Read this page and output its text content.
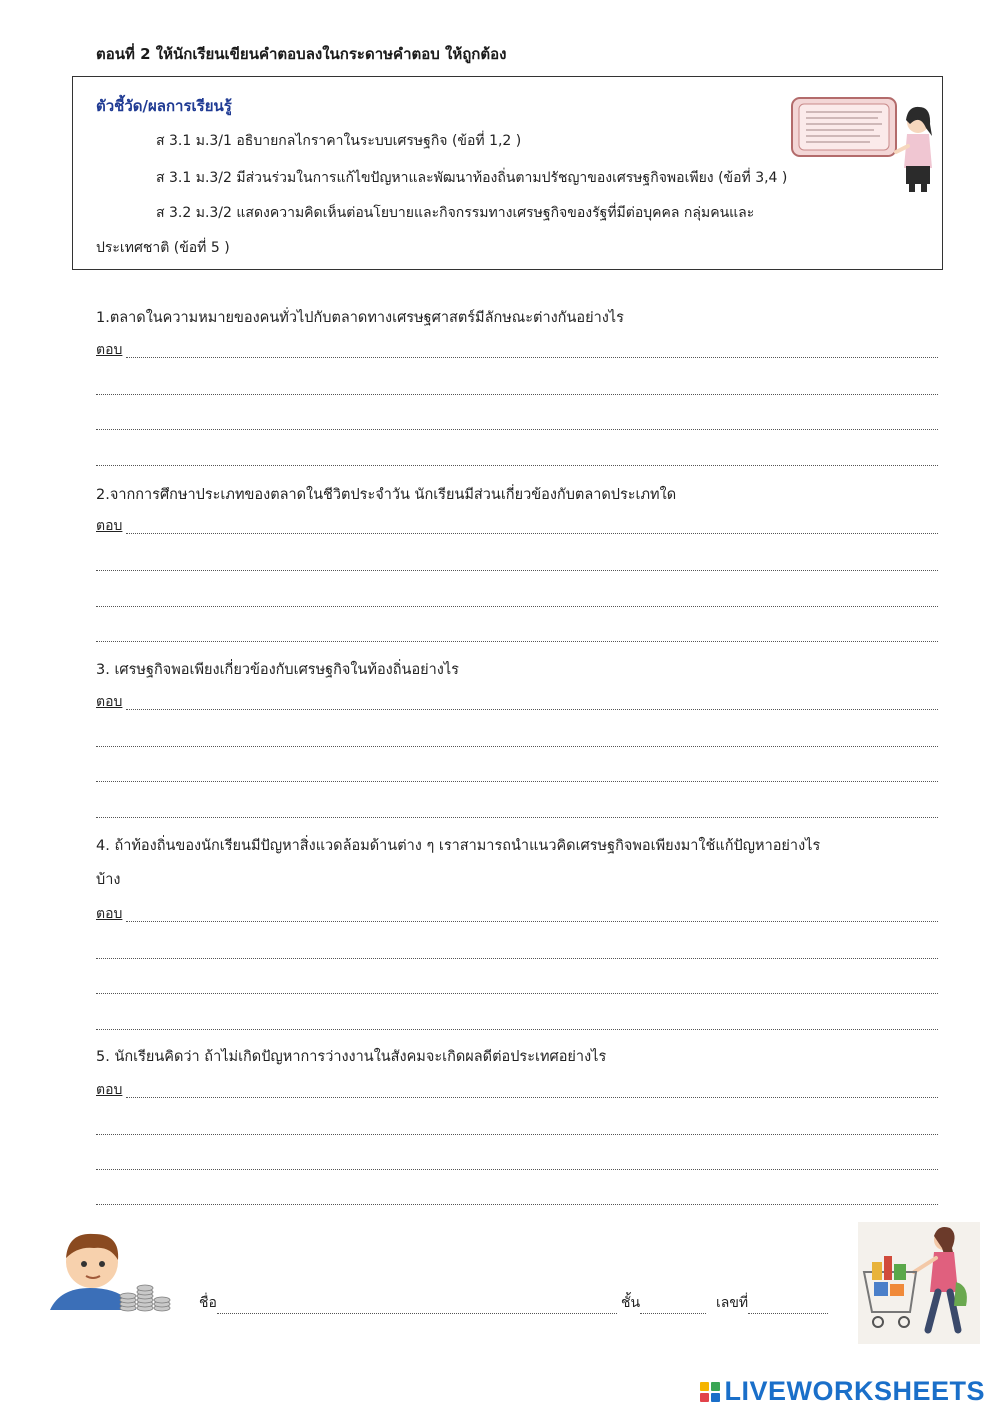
ตอนที่ 2 ให้นักเรียนเขียนคำตอบลงในกระดาษคำตอบ ให้ถูกต้อง
ตัวชี้วัด/ผลการเรียนรู้
ส 3.1 ม.3/1 อธิบายกลไกราคาในระบบเศรษฐกิจ (ข้อที่ 1,2 )
ส 3.1 ม.3/2 มีส่วนร่วมในการแก้ไขปัญหาและพัฒนาท้องถิ่นตามปรัชญาของเศรษฐกิจพอเพียง (ข้อที่ 3,4 )
ส 3.2 ม.3/2 แสดงความคิดเห็นต่อนโยบายและกิจกรรมทางเศรษฐกิจของรัฐที่มีต่อบุคคล กลุ่มคนและ
ประเทศชาติ (ข้อที่ 5 )
1.ตลาดในความหมายของคนทั่วไปกับตลาดทางเศรษฐศาสตร์มีลักษณะต่างกันอย่างไร
ตอบ
2.จากการศึกษาประเภทของตลาดในชีวิตประจำวัน นักเรียนมีส่วนเกี่ยวข้องกับตลาดประเภทใด
ตอบ
3. เศรษฐกิจพอเพียงเกี่ยวข้องกับเศรษฐกิจในท้องถิ่นอย่างไร
ตอบ
4. ถ้าท้องถิ่นของนักเรียนมีปัญหาสิ่งแวดล้อมด้านต่าง ๆ เราสามารถนำแนวคิดเศรษฐกิจพอเพียงมาใช้แก้ปัญหาอย่างไร
บ้าง
ตอบ
5. นักเรียนคิดว่า ถ้าไม่เกิดปัญหาการว่างงานในสังคมจะเกิดผลดีต่อประเทศอย่างไร
ตอบ
ชื่อ	ชั้น	เลขที่
LIVEWORKSHEETS
